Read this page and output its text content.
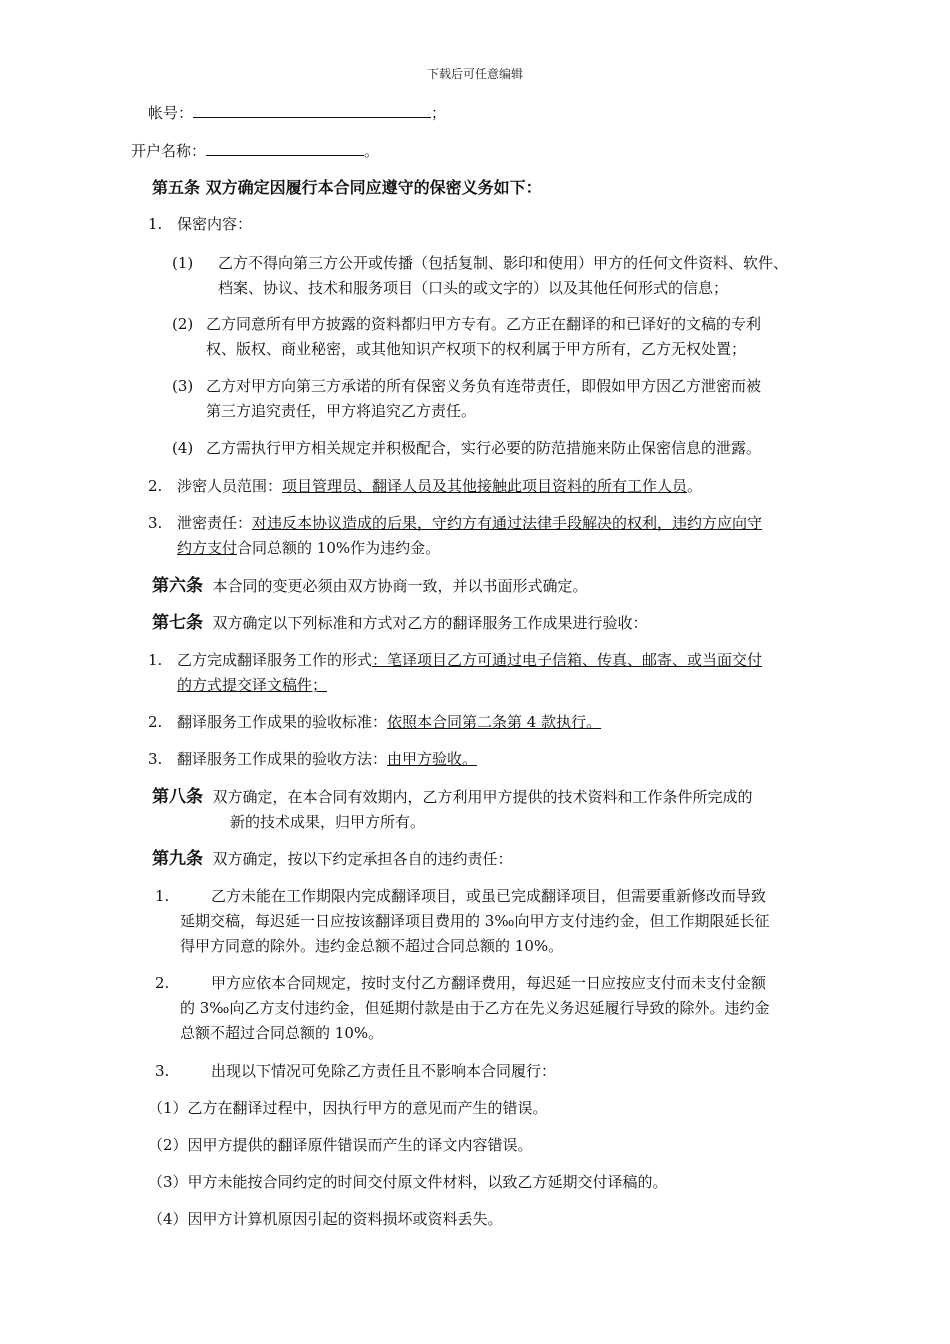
下载后可任意编辑
帐号：	；
开户名称：	。
第五条 双方确定因履行本合同应遵守的保密义务如下：
1. 保密内容：
(1) 乙方不得向第三方公开或传播（包括复制、影印和使用）甲方的任何文件资料、软件、
档案、协议、技术和服务项目（口头的或文字的）以及其他任何形式的信息；
(2) 乙方同意所有甲方披露的资料都归甲方专有。乙方正在翻译的和已译好的文稿的专利
权、版权、商业秘密，或其他知识产权项下的权利属于甲方所有，乙方无权处置；
(3) 乙方对甲方向第三方承诺的所有保密义务负有连带责任，即假如甲方因乙方泄密而被
第三方追究责任，甲方将追究乙方责任。
(4) 乙方需执行甲方相关规定并积极配合，实行必要的防范措施来防止保密信息的泄露。
2. 涉密人员范围：项目管理员、翻译人员及其他接触此项目资料的所有工作人员。
3. 泄密责任：对违反本协议造成的后果，守约方有通过法律手段解决的权利，违约方应向守
约方支付合同总额的 10%作为违约金。
第六条 本合同的变更必须由双方协商一致，并以书面形式确定。
第七条 双方确定以下列标准和方式对乙方的翻译服务工作成果进行验收：
1. 乙方完成翻译服务工作的形式：笔译项目乙方可通过电子信箱、传真、邮寄、或当面交付
的方式提交译文稿件；
2. 翻译服务工作成果的验收标准：依照本合同第二条第 4 款执行。
3. 翻译服务工作成果的验收方法：由甲方验收。
第八条 双方确定，在本合同有效期内，乙方利用甲方提供的技术资料和工作条件所完成的
新的技术成果，归甲方所有。
第九条 双方确定，按以下约定承担各自的违约责任：
1.	乙方未能在工作期限内完成翻译项目，或虽已完成翻译项目，但需要重新修改而导致
延期交稿，每迟延一日应按该翻译项目费用的 3‰向甲方支付违约金，但工作期限延长征
得甲方同意的除外。违约金总额不超过合同总额的 10%。
2.	甲方应依本合同规定，按时支付乙方翻译费用，每迟延一日应按应支付而未支付金额
的 3‰向乙方支付违约金，但延期付款是由于乙方在先义务迟延履行导致的除外。违约金
总额不超过合同总额的 10%。
3.	出现以下情况可免除乙方责任且不影响本合同履行：
（1）乙方在翻译过程中，因执行甲方的意见而产生的错误。
（2）因甲方提供的翻译原件错误而产生的译文内容错误。
（3）甲方未能按合同约定的时间交付原文件材料，以致乙方延期交付译稿的。
（4）因甲方计算机原因引起的资料损坏或资料丢失。
